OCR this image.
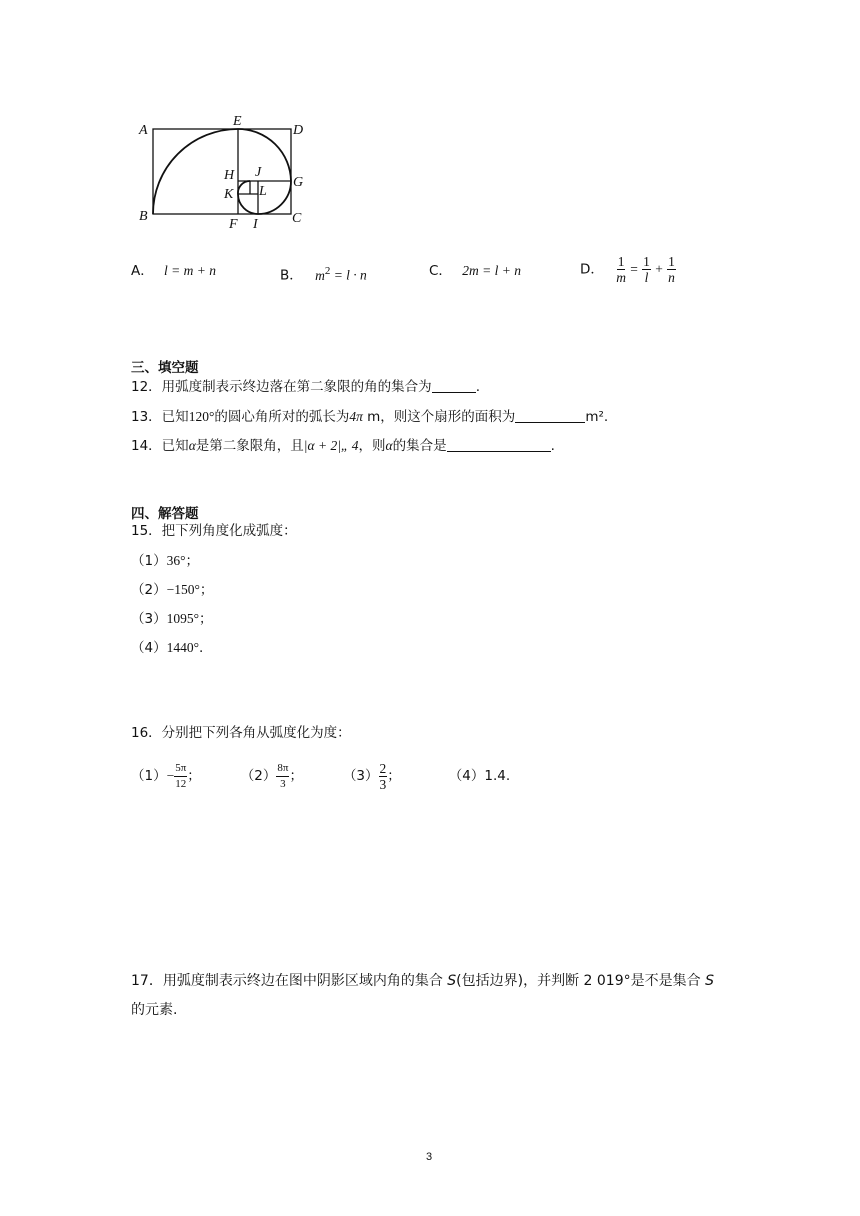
A
E
D
H J
G
K L
B
F I C
A． l = m + n	B． $m^2 = l \cdot n$	C． 2m = l + n	D． $\frac{1}{m} = \frac{1}{l} + \frac{1}{n}$
三、填空题
12．用弧度制表示终边落在第二象限的角的集合为	.
13．已知120°的圆心角所对的弧长为4π m，则这个扇形的面积为	m².
14．已知α是第二象限角，且|α + 2|„ 4，则α的集合是	.
四、解答题
15．把下列角度化成弧度：
（1）36°；
（2）−150°；
（3）1095°；
（4）1440°.
16．分别把下列各角从弧度化为度：
$(1) - \frac{5\pi}{12}$ ；	$(2) \frac{8\pi}{3}$ ；	$(3) \frac{2}{3}$ ；	（4） 1.4.
17．用弧度制表示终边在图中阴影区域内角的集合 S(包括边界)，并判断 2 019°是不是集合 S
的元素.
3
